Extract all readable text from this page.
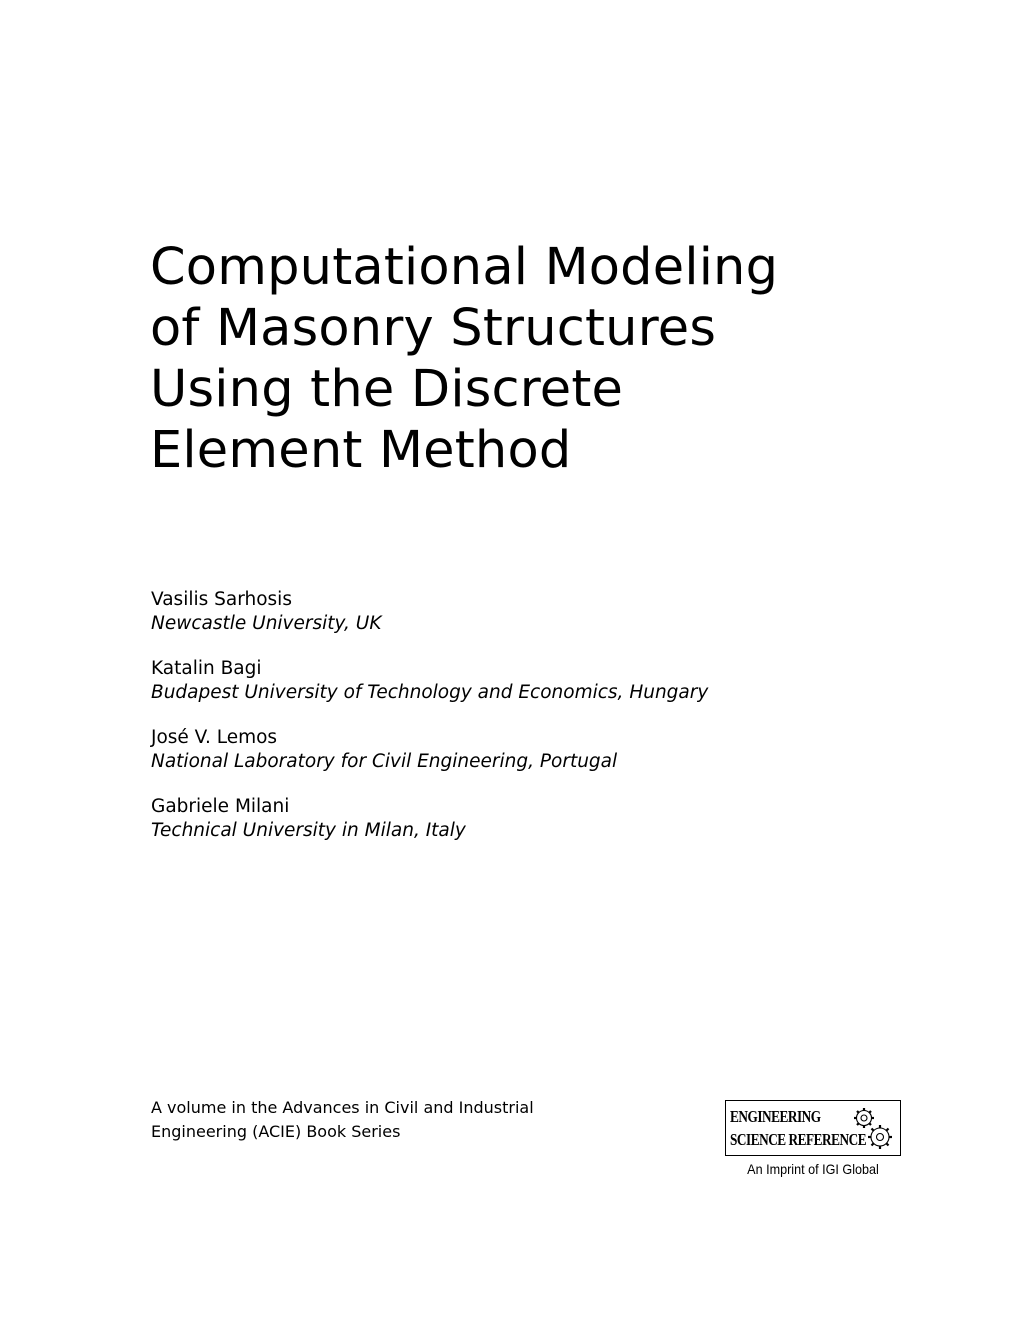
Computational Modeling
of Masonry Structures
Using the Discrete
Element Method
Vasilis Sarhosis
Newcastle University, UK
Katalin Bagi
Budapest University of Technology and Economics, Hungary
José V. Lemos
National Laboratory for Civil Engineering, Portugal
Gabriele Milani
Technical University in Milan, Italy
A volume in the Advances in Civil and Industrial
Engineering (ACIE) Book Series
ENGINEERING
SCIENCE REFERENCE
An Imprint of IGI Global
